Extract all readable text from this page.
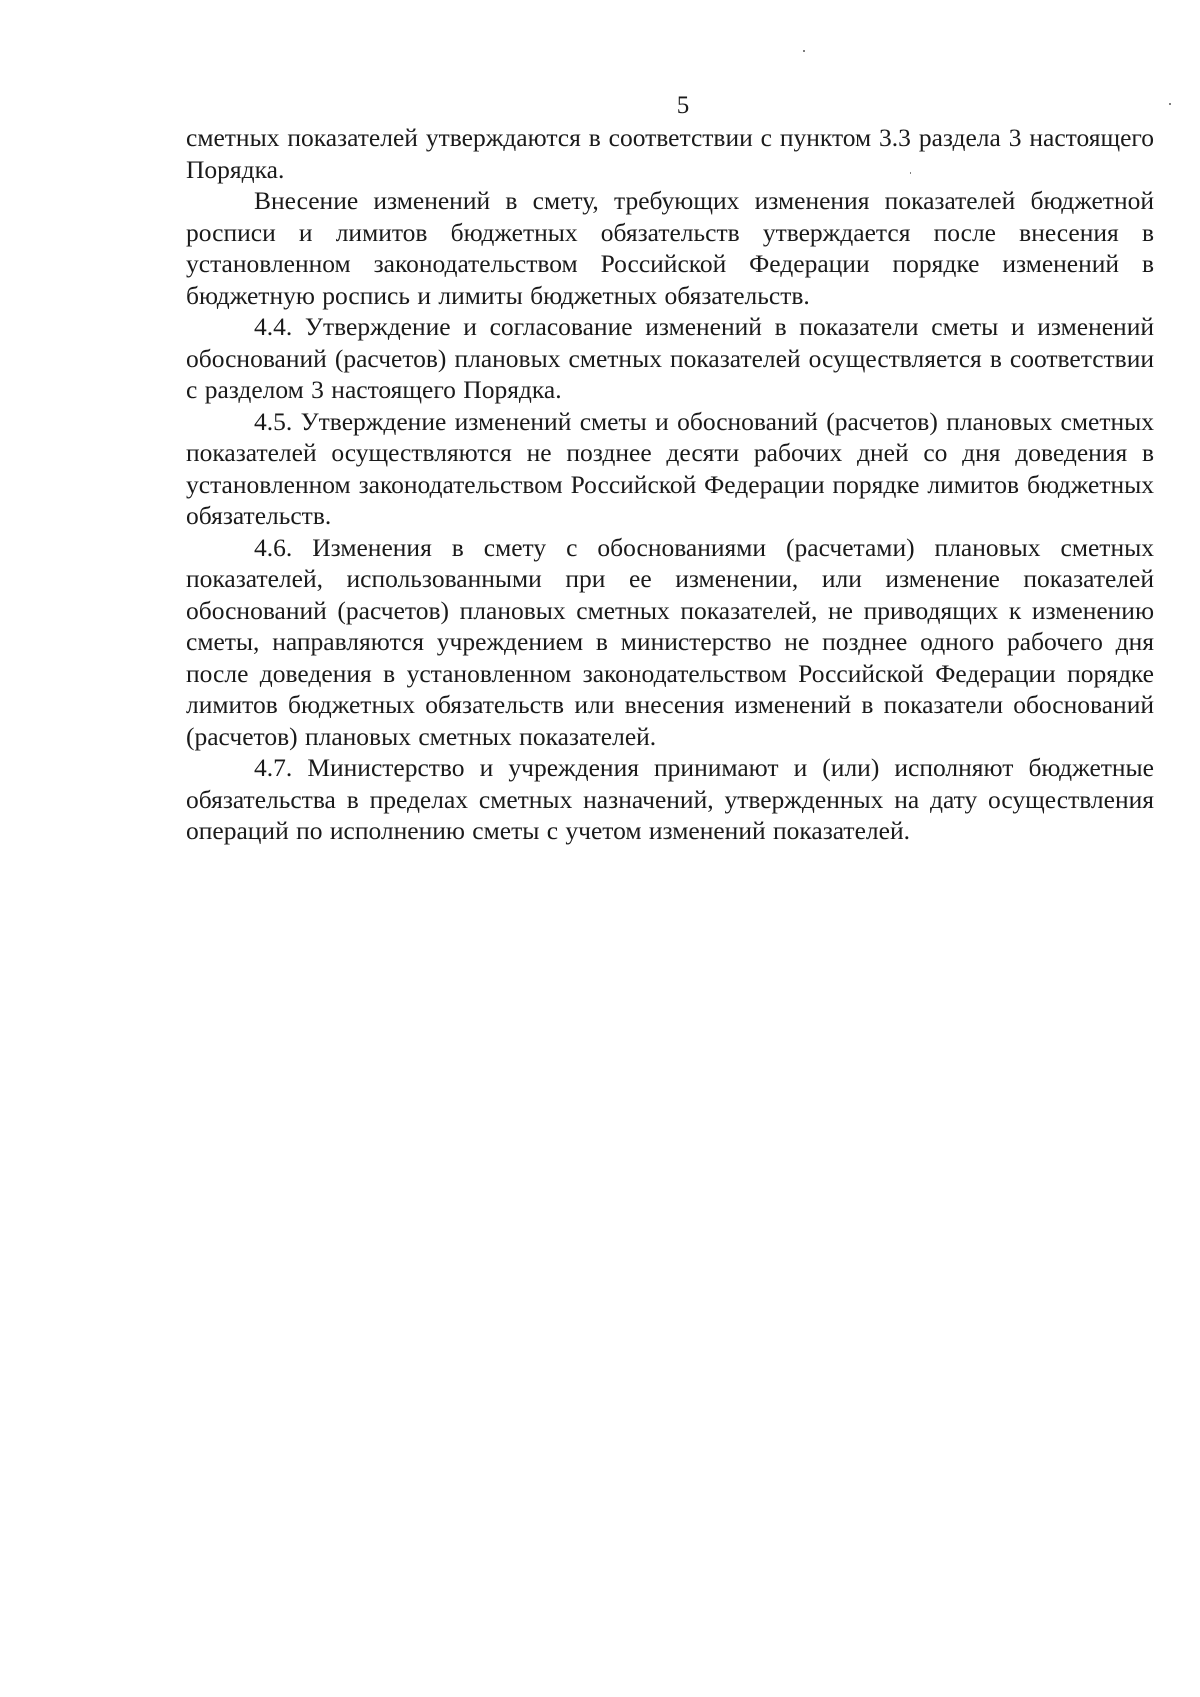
5

сметных показателей утверждаются в соответствии с пунктом 3.3 раздела 3 настоящего Порядка.

Внесение изменений в смету, требующих изменения показателей бюджетной росписи и лимитов бюджетных обязательств утверждается после внесения в установленном законодательством Российской Федерации порядке изменений в бюджетную роспись и лимиты бюджетных обязательств.

4.4. Утверждение и согласование изменений в показатели сметы и изменений обоснований (расчетов) плановых сметных показателей осуществляется в соответствии с разделом 3 настоящего Порядка.

4.5. Утверждение изменений сметы и обоснований (расчетов) плановых сметных показателей осуществляются не позднее десяти рабочих дней со дня доведения в установленном законодательством Российской Федерации порядке лимитов бюджетных обязательств.

4.6. Изменения в смету с обоснованиями (расчетами) плановых сметных показателей, использованными при ее изменении, или изменение показателей обоснований (расчетов) плановых сметных показателей, не приводящих к изменению сметы, направляются учреждением в министерство не позднее одного рабочего дня после доведения в установленном законодательством Российской Федерации порядке лимитов бюджетных обязательств или внесения изменений в показатели обоснований (расчетов) плановых сметных показателей.

4.7. Министерство и учреждения принимают и (или) исполняют бюджетные обязательства в пределах сметных назначений, утвержденных на дату осуществления операций по исполнению сметы с учетом изменений показателей.
